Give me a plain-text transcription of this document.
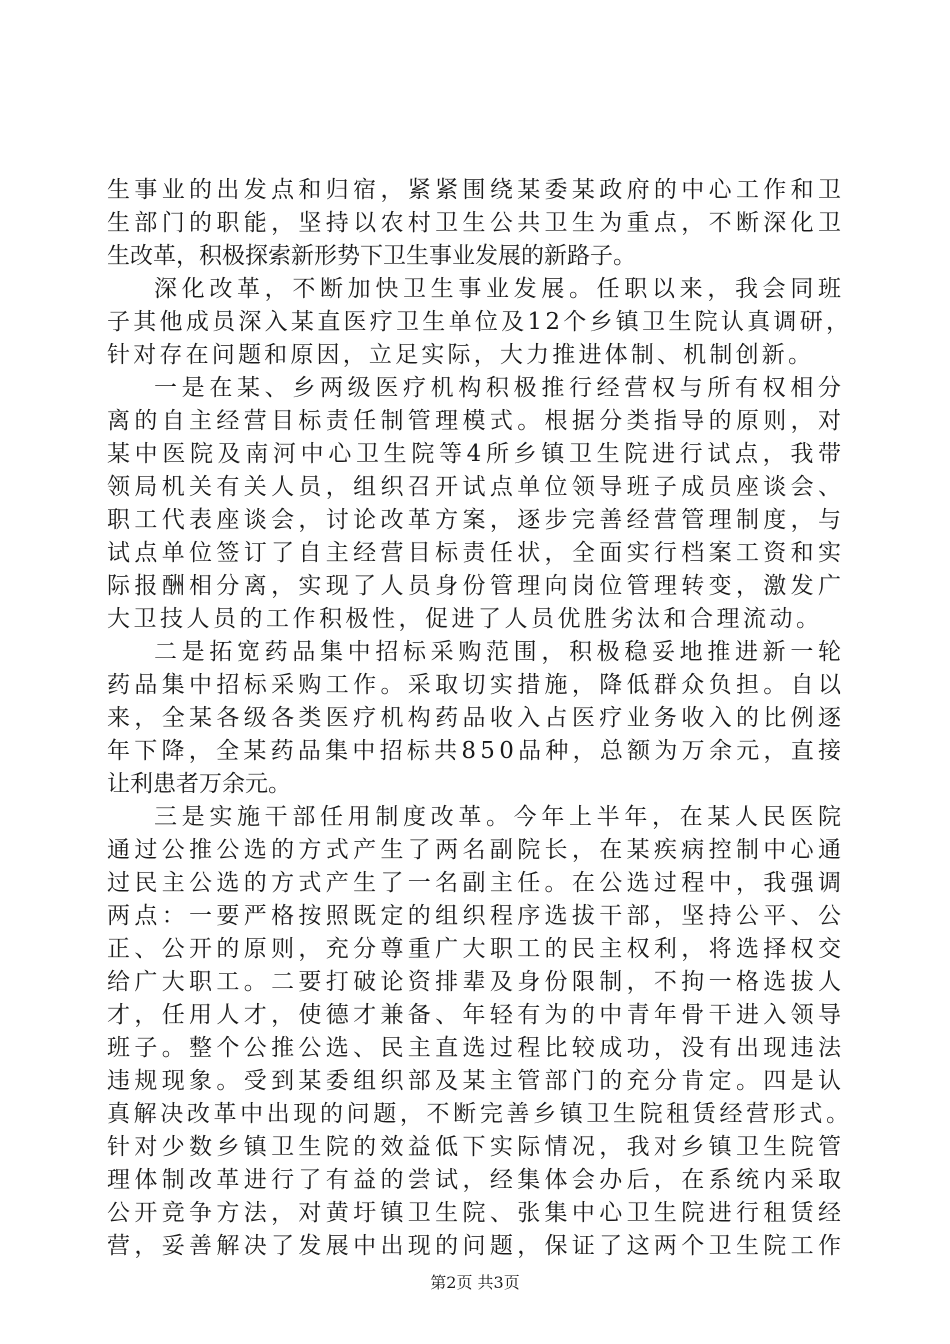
生事业的出发点和归宿，紧紧围绕某委某政府的中心工作和卫
生部门的职能，坚持以农村卫生公共卫生为重点，不断深化卫
生改革，积极探索新形势下卫生事业发展的新路子。
深化改革，不断加快卫生事业发展。任职以来，我会同班
子其他成员深入某直医疗卫生单位及12个乡镇卫生院认真调研，
针对存在问题和原因，立足实际，大力推进体制、机制创新。
一是在某、乡两级医疗机构积极推行经营权与所有权相分
离的自主经营目标责任制管理模式。根据分类指导的原则，对
某中医院及南河中心卫生院等4所乡镇卫生院进行试点，我带
领局机关有关人员，组织召开试点单位领导班子成员座谈会、
职工代表座谈会，讨论改革方案，逐步完善经营管理制度，与
试点单位签订了自主经营目标责任状，全面实行档案工资和实
际报酬相分离，实现了人员身份管理向岗位管理转变，激发广
大卫技人员的工作积极性，促进了人员优胜劣汰和合理流动。
二是拓宽药品集中招标采购范围，积极稳妥地推进新一轮
药品集中招标采购工作。采取切实措施，降低群众负担。自以
来，全某各级各类医疗机构药品收入占医疗业务收入的比例逐
年下降，全某药品集中招标共850品种，总额为万余元，直接
让利患者万余元。
三是实施干部任用制度改革。今年上半年，在某人民医院
通过公推公选的方式产生了两名副院长，在某疾病控制中心通
过民主公选的方式产生了一名副主任。在公选过程中，我强调
两点：一要严格按照既定的组织程序选拔干部，坚持公平、公
正、公开的原则，充分尊重广大职工的民主权利，将选择权交
给广大职工。二要打破论资排辈及身份限制，不拘一格选拔人
才，任用人才，使德才兼备、年轻有为的中青年骨干进入领导
班子。整个公推公选、民主直选过程比较成功，没有出现违法
违规现象。受到某委组织部及某主管部门的充分肯定。四是认
真解决改革中出现的问题，不断完善乡镇卫生院租赁经营形式。
针对少数乡镇卫生院的效益低下实际情况，我对乡镇卫生院管
理体制改革进行了有益的尝试，经集体会办后，在系统内采取
公开竞争方法，对黄圩镇卫生院、张集中心卫生院进行租赁经
营，妥善解决了发展中出现的问题，保证了这两个卫生院工作
第2页 共3页
